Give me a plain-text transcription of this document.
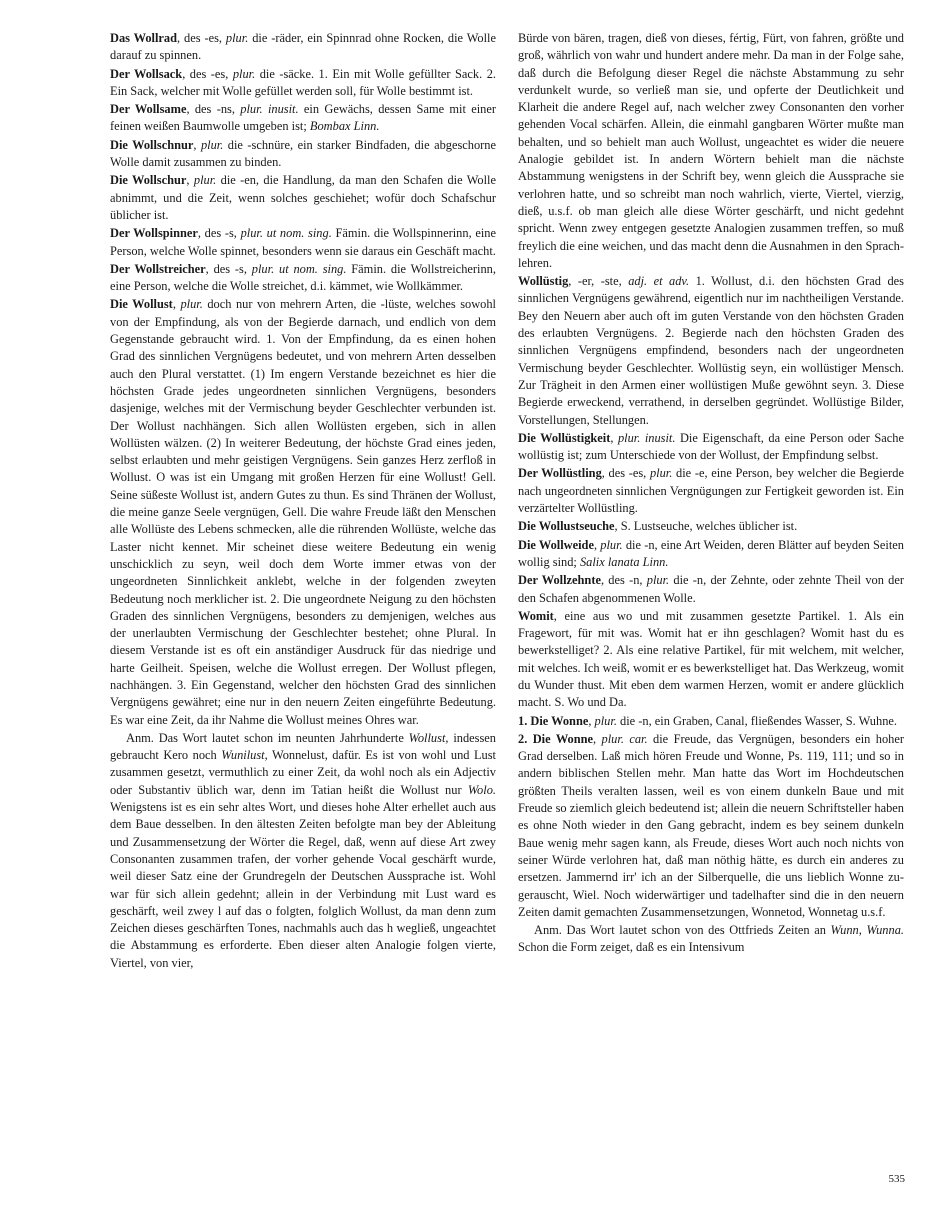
Das Wollrad, des -es, plur. die -räder, ein Spinnrad ohne Rocken, die Wolle darauf zu spinnen.

Der Wollsack, des -es, plur. die -säcke. 1. Ein mit Wolle gefüllter Sack. 2. Ein Sack, welcher mit Wolle gefüllet werden soll, für Wolle bestimmt ist.

Der Wollsame, des -ns, plur. inusit. ein Gewächs, dessen Same mit einer feinen weißen Baumwolle umgeben ist; Bombax Linn.

Die Wollschnur, plur. die -schnüre, ein starker Bindfaden, die abgeschorne Wolle damit zusammen zu binden.

Die Wollschur, plur. die -en, die Handlung, da man den Schafen die Wolle abnimmt, und die Zeit, wenn solches geschiehet; wofür doch Schafschur üblicher ist.

Der Wollspinner, des -s, plur. ut nom. sing. Fämin. die Wollspinnerinn, eine Person, welche Wolle spinnet, besonders wenn sie daraus ein Geschäft macht.

Der Wollstreicher, des -s, plur. ut nom. sing. Fämin. die Wollstreicherinn, eine Person, welche die Wolle streichet, d.i. kämmet, wie Wollkämmer.

Die Wollust, plur. doch nur von mehrern Arten, die -lüste, welches sowohl von der Empfindung, als von der Begierde darnach, und endlich von dem Gegenstande gebraucht wird. 1. Von der Empfindung, da es einen hohen Grad des sinnlichen Vergnügens bedeutet, und von mehrern Arten desselben auch den Plural verstattet. (1) Im engern Verstande bezeichnet es hier die höchsten Grade jedes ungeordneten sinnlichen Vergnügens, besonders dasjenige, welches mit der Vermischung beyder Geschlechter verbunden ist. Der Wollust nachhängen. Sich allen Wollüsten ergeben, sich in allen Wollüsten wälzen. (2) In weiterer Bedeutung, der höchste Grad eines jeden, selbst erlaubten und mehr geistigen Vergnügens. Sein ganzes Herz zerfloß in Wollust. O was ist ein Umgang mit großen Herzen für eine Wollust! Gell. Seine süßeste Wollust ist, andern Gutes zu thun. Es sind Thränen der Wollust, die meine ganze Seele vergnügen, Gell. Die wahre Freude läßt den Menschen alle Wollüste des Lebens schmecken, alle die rührenden Wollüste, welche das Laster nicht kennet. Mir scheinet diese weitere Bedeutung ein wenig unschicklich zu seyn, weil doch dem Worte immer etwas von der ungeordneten Sinnlichkeit anklebt, welche in der folgenden zweyten Bedeutung noch merklicher ist. 2. Die ungeordnete Neigung zu den höchsten Graden des sinnlichen Vergnügens, besonders zu demjenigen, welches aus der unerlaubten Vermischung der Geschlechter bestehet; ohne Plural. In diesem Verstande ist es oft ein anständiger Ausdruck für das niedrige und harte Geilheit. Speisen, welche die Wollust erregen. Der Wollust pflegen, nachhängen. 3. Ein Gegenstand, welcher den höchsten Grad des sinnlichen Vergnügens gewähret; eine nur in den neuern Zeiten eingeführte Bedeutung. Es war eine Zeit, da ihr Nahme die Wollust meines Ohres war.

Anm. Das Wort lautet schon im neunten Jahrhunderte Wollust, indessen gebraucht Kero noch Wunilust, Wonnelust, dafür. Es ist von wohl und Lust zusammen gesetzt, vermuthlich zu einer Zeit, da wohl noch als ein Adjectiv oder Substantiv üblich war, denn im Tatian heißt die Wollust nur Wolo. Wenigstens ist es ein sehr altes Wort, und dieses hohe Alter erhellet auch aus dem Baue desselben. In den ältesten Zeiten befolgte man bey der Ableitung und Zusammensetzung der Wörter die Regel, daß, wenn auf diese Art zwey Consonanten zusammen trafen, der vorher gehende Vocal geschärft wurde, weil dieser Satz eine der Grundregeln der Deutschen Aussprache ist. Wohl war für sich allein gedehnt; allein in der Verbindung mit Lust ward es geschärft, weil zwey l auf das o folgten, folglich Wollust, da man denn zum Zeichen dieses geschärften Tones, nachmahls auch das h wegließ, ungeachtet die Abstammung es erforderte. Eben dieser alten Analogie folgen vierte, Viertel, von vier,

Bürde von bären, tragen, dieß von dieses, fértig, Fürt, von fahren, größte und groß, währlich von wahr und hundert andere mehr. Da man in der Folge sahe, daß durch die Befolgung dieser Regel die nächste Abstammung zu sehr verdunkelt wurde, so verließ man sie, und opferte der Deutlichkeit und Klarheit die andere Regel auf, nach welcher zwey Consonanten den vorher gehenden Vocal schärfen. Allein, die einmahl gangbaren Wörter mußte man behalten, und so behielt man auch Wollust, ungeachtet es wider die neuere Analogie gebildet ist. In andern Wörtern behielt man die nächste Abstammung wenigstens in der Schrift bey, wenn gleich die Aussprache sie verlohren hatte, und so schreibt man noch wahrlich, vierte, Viertel, vierzig, dieß, u.s.f. ob man gleich alle diese Wörter geschärft, und nicht gedehnt spricht. Wenn zwey entgegen gesetzte Analogien zusammen treffen, so muß freylich die eine weichen, und das macht denn die Ausnahmen in den Sprachlehren.

Wollüstig, -er, -ste, adj. et adv. 1. Wollust, d.i. den höchsten Grad des sinnlichen Vergnügens gewährend, eigentlich nur im nachtheiligen Verstande. Bey den Neuern aber auch oft im guten Verstande von den höchsten Graden des erlaubten Vergnügens. 2. Begierde nach den höchsten Graden des sinnlichen Vergnügens empfindend, besonders nach der ungeordneten Vermischung beyder Geschlechter. Wollüstig seyn, ein wollüstiger Mensch. Zur Trägheit in den Armen einer wollüstigen Muße gewöhnt seyn. 3. Diese Begierde erweckend, verrathend, in derselben gegründet. Wollüstige Bilder, Vorstellungen, Stellungen.

Die Wollüstigkeit, plur. inusit. Die Eigenschaft, da eine Person oder Sache wollüstig ist; zum Unterschiede von der Wollust, der Empfindung selbst.

Der Wollüstling, des -es, plur. die -e, eine Person, bey welcher die Begierde nach ungeordneten sinnlichen Vergnügungen zur Fertigkeit geworden ist. Ein verzärtelter Wollüstling.

Die Wollustseuche, S. Lustseuche, welches üblicher ist.

Die Wollweide, plur. die -n, eine Art Weiden, deren Blätter auf beyden Seiten wollig sind; Salix lanata Linn.

Der Wollzehnte, des -n, plur. die -n, der Zehnte, oder zehnte Theil von der den Schafen abgenommenen Wolle.

Womit, eine aus wo und mit zusammen gesetzte Partikel. 1. Als ein Fragewort, für mit was. Womit hat er ihn geschlagen? Womit hast du es bewerkstelliget? 2. Als eine relative Partikel, für mit welchem, mit welcher, mit welches. Ich weiß, womit er es bewerkstelliget hat. Das Werkzeug, womit du Wunder thust. Mit eben dem warmen Herzen, womit er andere glücklich macht. S. Wo und Da.

1. Die Wonne, plur. die -n, ein Graben, Canal, fließendes Wasser, S. Wuhne.

2. Die Wonne, plur. car. die Freude, das Vergnügen, besonders ein hoher Grad derselben. Laß mich hören Freude und Wonne, Ps. 119, 111; und so in andern biblischen Stellen mehr. Man hatte das Wort im Hochdeutschen größten Theils veralten lassen, weil es von einem dunkeln Baue und mit Freude so ziemlich gleich bedeutend ist; allein die neuern Schriftsteller haben es ohne Noth wieder in den Gang gebracht, indem es bey seinem dunkeln Baue wenig mehr sagen kann, als Freude, dieses Wort auch noch nichts von seiner Würde verlohren hat, daß man nöthig hätte, es durch ein anderes zu ersetzen. Jammernd irr' ich an der Silberquelle, die uns lieblich Wonne zugerauscht, Wiel. Noch widerwärtiger und tadelhafter sind die in den neuern Zeiten damit gemachten Zusammensetzungen, Wonnetod, Wonnetag u.s.f.

Anm. Das Wort lautet schon von des Ottfrieds Zeiten an Wunn, Wunna. Schon die Form zeiget, daß es ein Intensivum

535
